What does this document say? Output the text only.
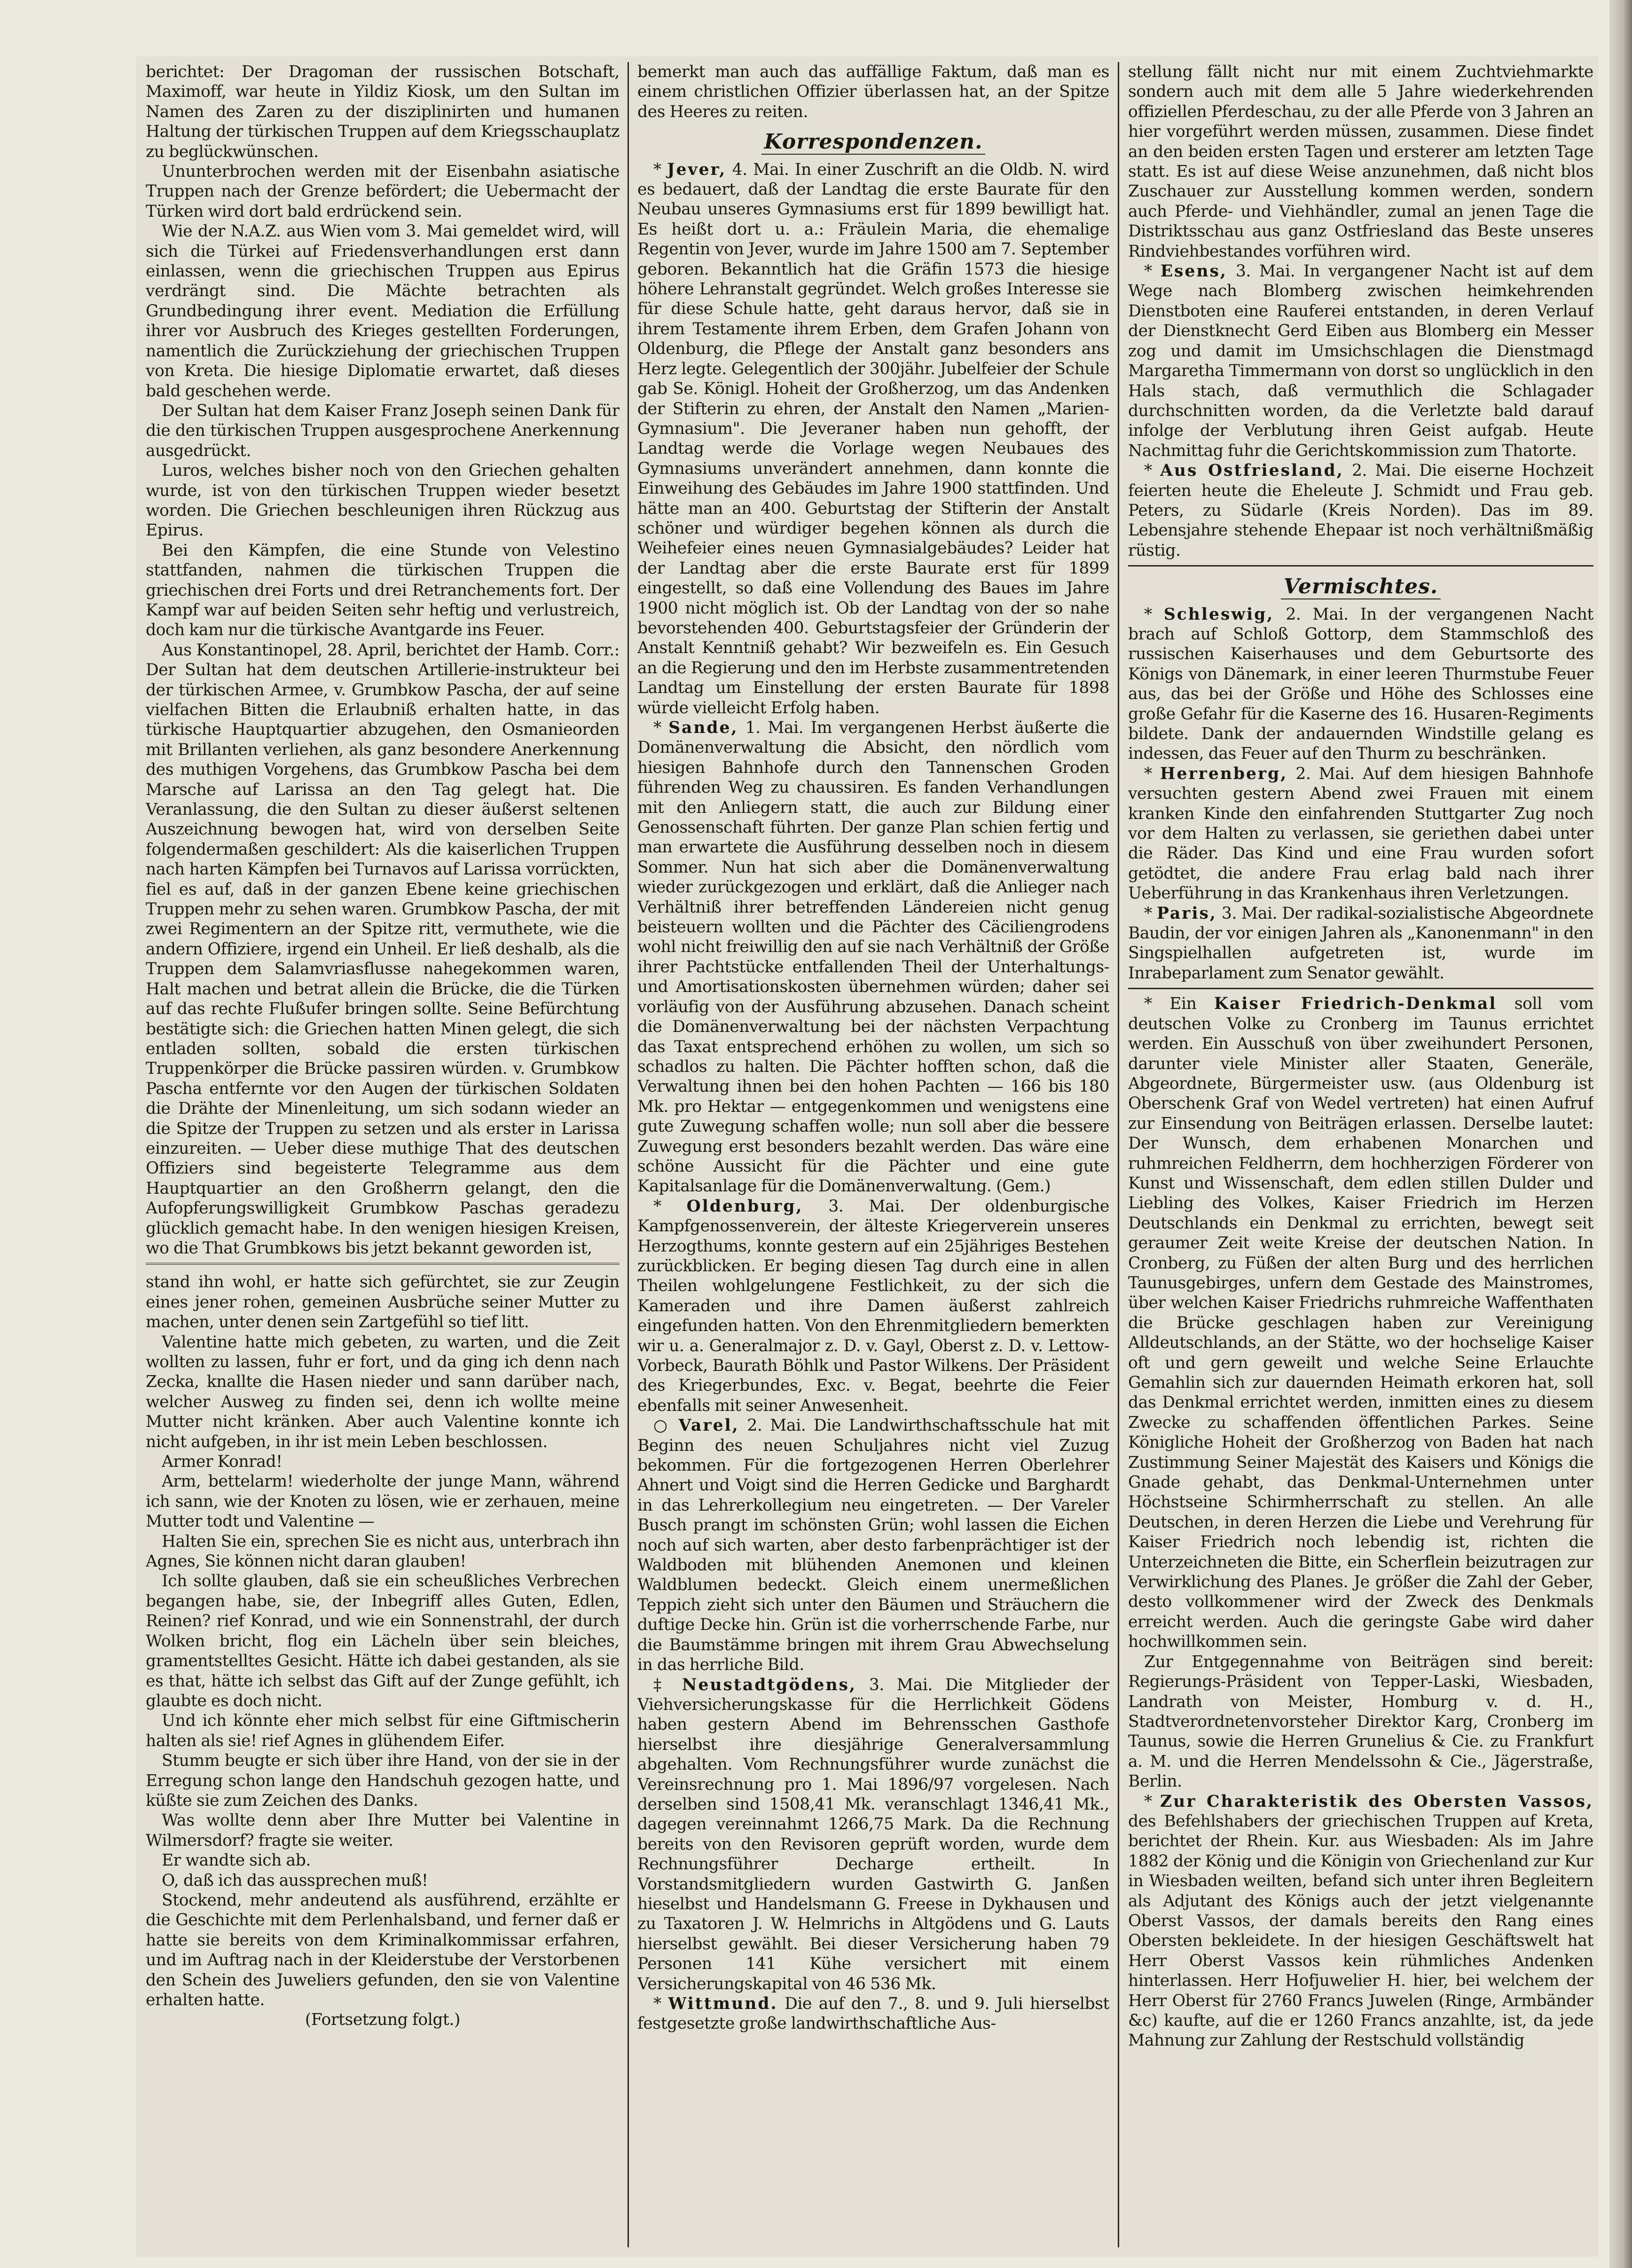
berichtet: Der Dragoman der russischen Botschaft, Maximoff, war heute in Yildiz Kiosk, um den Sultan im Namen des Zaren zu der disziplinirten und humanen Haltung der türkischen Truppen auf dem Kriegsschauplatz zu beglückwünschen.

Ununterbrochen werden mit der Eisenbahn asiatische Truppen nach der Grenze befördert; die Uebermacht der Türken wird dort bald erdrückend sein.

Wie der N.A.Z. aus Wien vom 3. Mai gemeldet wird, will sich die Türkei auf Friedensverhandlungen erst dann einlassen, wenn die griechischen Truppen aus Epirus verdrängt sind. Die Mächte betrachten als Grundbedingung ihrer event. Mediation die Erfüllung ihrer vor Ausbruch des Krieges gestellten Forderungen, namentlich die Zurückziehung der griechischen Truppen von Kreta. Die hiesige Diplomatie erwartet, daß dieses bald geschehen werde.

Der Sultan hat dem Kaiser Franz Joseph seinen Dank für die den türkischen Truppen ausgesprochene Anerkennung ausgedrückt.

Luros, welches bisher noch von den Griechen gehalten wurde, ist von den türkischen Truppen wieder besetzt worden. Die Griechen beschleunigen ihren Rückzug aus Epirus.

Bei den Kämpfen, die eine Stunde von Velestino stattfanden, nahmen die türkischen Truppen die griechischen drei Forts und drei Retranchements fort. Der Kampf war auf beiden Seiten sehr heftig und verlustreich, doch kam nur die türkische Avantgarde ins Feuer.

Aus Konstantinopel, 28. April, berichtet der Hamb. Corr.: Der Sultan hat dem deutschen Artillerie-instrukteur bei der türkischen Armee, v. Grumbkow Pascha, der auf seine vielfachen Bitten die Erlaubniß erhalten hatte, in das türkische Hauptquartier abzugehen, den Osmanieorden mit Brillanten verliehen, als ganz besondere Anerkennung des muthigen Vorgehens, das Grumbkow Pascha bei dem Marsche auf Larissa an den Tag gelegt hat. Die Veranlassung, die den Sultan zu dieser äußerst seltenen Auszeichnung bewogen hat, wird von derselben Seite folgendermaßen geschildert: Als die kaiserlichen Truppen nach harten Kämpfen bei Turnavos auf Larissa vorrückten, fiel es auf, daß in der ganzen Ebene keine griechischen Truppen mehr zu sehen waren. Grumbkow Pascha, der mit zwei Regimentern an der Spitze ritt, vermuthete, wie die andern Offiziere, irgend ein Unheil. Er ließ deshalb, als die Truppen dem Salamvriasflusse nahegekommen waren, Halt machen und betrat allein die Brücke, die die Türken auf das rechte Flußufer bringen sollte. Seine Befürchtung bestätigte sich: die Griechen hatten Minen gelegt, die sich entladen sollten, sobald die ersten türkischen Truppenkörper die Brücke passiren würden. v. Grumbkow Pascha entfernte vor den Augen der türkischen Soldaten die Drähte der Minenleitung, um sich sodann wieder an die Spitze der Truppen zu setzen und als erster in Larissa einzureiten. — Ueber diese muthige That des deutschen Offiziers sind begeisterte Telegramme aus dem Hauptquartier an den Großherrn gelangt, den die Aufopferungswilligkeit Grumbkow Paschas geradezu glücklich gemacht habe. In den wenigen hiesigen Kreisen, wo die That Grumbkows bis jetzt bekannt geworden ist,

stand ihn wohl, er hatte sich gefürchtet, sie zur Zeugin eines jener rohen, gemeinen Ausbrüche seiner Mutter zu machen, unter denen sein Zartgefühl so tief litt.

Valentine hatte mich gebeten, zu warten, und die Zeit wollten zu lassen, fuhr er fort, und da ging ich denn nach Zecka, knallte die Hasen nieder und sann darüber nach, welcher Ausweg zu finden sei, denn ich wollte meine Mutter nicht kränken. Aber auch Valentine konnte ich nicht aufgeben, in ihr ist mein Leben beschlossen.

Armer Konrad!

Arm, bettelarm! wiederholte der junge Mann, während ich sann, wie der Knoten zu lösen, wie er zerhauen, meine Mutter todt und Valentine —

Halten Sie ein, sprechen Sie es nicht aus, unterbrach ihn Agnes, Sie können nicht daran glauben!

Ich sollte glauben, daß sie ein scheußliches Verbrechen begangen habe, sie, der Inbegriff alles Guten, Edlen, Reinen? rief Konrad, und wie ein Sonnenstrahl, der durch Wolken bricht, flog ein Lächeln über sein bleiches, gramentstelltes Gesicht. Hätte ich dabei gestanden, als sie es that, hätte ich selbst das Gift auf der Zunge gefühlt, ich glaubte es doch nicht.

Und ich könnte eher mich selbst für eine Giftmischerin halten als sie! rief Agnes in glühendem Eifer.

Stumm beugte er sich über ihre Hand, von der sie in der Erregung schon lange den Handschuh gezogen hatte, und küßte sie zum Zeichen des Danks.

Was wollte denn aber Ihre Mutter bei Valentine in Wilmersdorf? fragte sie weiter.

Er wandte sich ab.

O, daß ich das aussprechen muß!

Stockend, mehr andeutend als ausführend, erzählte er die Geschichte mit dem Perlenhalsband, und ferner daß er hatte sie bereits von dem Kriminalkommissar erfahren, und im Auftrag nach in der Kleiderstube der Verstorbenen den Schein des Juweliers gefunden, den sie von Valentine erhalten hatte.

(Fortsetzung folgt.)

bemerkt man auch das auffällige Faktum, daß man es einem christlichen Offizier überlassen hat, an der Spitze des Heeres zu reiten.

Korrespondenzen.

* Jever, 4. Mai. In einer Zuschrift an die Oldb. N. wird es bedauert, daß der Landtag die erste Baurate für den Neubau unseres Gymnasiums erst für 1899 bewilligt hat. Es heißt dort u. a.: Fräulein Maria, die ehemalige Regentin von Jever, wurde im Jahre 1500 am 7. September geboren. Bekanntlich hat die Gräfin 1573 die hiesige höhere Lehranstalt gegründet. Welch großes Interesse sie für diese Schule hatte, geht daraus hervor, daß sie in ihrem Testamente ihrem Erben, dem Grafen Johann von Oldenburg, die Pflege der Anstalt ganz besonders ans Herz legte. Gelegentlich der 300jähr. Jubelfeier der Schule gab Se. Königl. Hoheit der Großherzog, um das Andenken der Stifterin zu ehren, der Anstalt den Namen „Marien-Gymnasium". Die Jeveraner haben nun gehofft, der Landtag werde die Vorlage wegen Neubaues des Gymnasiums unverändert annehmen, dann konnte die Einweihung des Gebäudes im Jahre 1900 stattfinden. Und hätte man an 400. Geburtstag der Stifterin der Anstalt schöner und würdiger begehen können als durch die Weihefeier eines neuen Gymnasialgebäudes? Leider hat der Landtag aber die erste Baurate erst für 1899 eingestellt, so daß eine Vollendung des Baues im Jahre 1900 nicht möglich ist. Ob der Landtag von der so nahe bevorstehenden 400. Geburtstagsfeier der Gründerin der Anstalt Kenntniß gehabt? Wir bezweifeln es. Ein Gesuch an die Regierung und den im Herbste zusammentretenden Landtag um Einstellung der ersten Baurate für 1898 würde vielleicht Erfolg haben.

* Sande, 1. Mai. Im vergangenen Herbst äußerte die Domänenverwaltung die Absicht, den nördlich vom hiesigen Bahnhofe durch den Tannenschen Groden führenden Weg zu chaussiren. Es fanden Verhandlungen mit den Anliegern statt, die auch zur Bildung einer Genossenschaft führten. Der ganze Plan schien fertig und man erwartete die Ausführung desselben noch in diesem Sommer. Nun hat sich aber die Domänenverwaltung wieder zurückgezogen und erklärt, daß die Anlieger nach Verhältniß ihrer betreffenden Ländereien nicht genug beisteuern wollten und die Pächter des Cäciliengrodens wohl nicht freiwillig den auf sie nach Verhältniß der Größe ihrer Pachtstücke entfallenden Theil der Unterhaltungs- und Amortisationskosten übernehmen würden; daher sei vorläufig von der Ausführung abzusehen. Danach scheint die Domänenverwaltung bei der nächsten Verpachtung das Taxat entsprechend erhöhen zu wollen, um sich so schadlos zu halten. Die Pächter hofften schon, daß die Verwaltung ihnen bei den hohen Pachten — 166 bis 180 Mk. pro Hektar — entgegenkommen und wenigstens eine gute Zuwegung schaffen wolle; nun soll aber die bessere Zuwegung erst besonders bezahlt werden. Das wäre eine schöne Aussicht für die Pächter und eine gute Kapitalsanlage für die Domänenverwaltung. (Gem.)

* Oldenburg, 3. Mai. Der oldenburgische Kampfgenossenverein, der älteste Kriegerverein unseres Herzogthums, konnte gestern auf ein 25jähriges Bestehen zurückblicken. Er beging diesen Tag durch eine in allen Theilen wohlgelungene Festlichkeit, zu der sich die Kameraden und ihre Damen äußerst zahlreich eingefunden hatten. Von den Ehrenmitgliedern bemerkten wir u. a. Generalmajor z. D. v. Gayl, Oberst z. D. v. Lettow-Vorbeck, Baurath Böhlk und Pastor Wilkens. Der Präsident des Kriegerbundes, Exc. v. Begat, beehrte die Feier ebenfalls mit seiner Anwesenheit.

○ Varel, 2. Mai. Die Landwirthschaftsschule hat mit Beginn des neuen Schuljahres nicht viel Zuzug bekommen. Für die fortgezogenen Herren Oberlehrer Ahnert und Voigt sind die Herren Gedicke und Barghardt in das Lehrerkollegium neu eingetreten. — Der Vareler Busch prangt im schönsten Grün; wohl lassen die Eichen noch auf sich warten, aber desto farbenprächtiger ist der Waldboden mit blühenden Anemonen und kleinen Waldblumen bedeckt. Gleich einem unermeßlichen Teppich zieht sich unter den Bäumen und Sträuchern die duftige Decke hin. Grün ist die vorherrschende Farbe, nur die Baumstämme bringen mit ihrem Grau Abwechselung in das herrliche Bild.

‡ Neustadtgödens, 3. Mai. Die Mitglieder der Viehversicherungskasse für die Herrlichkeit Gödens haben gestern Abend im Behrensschen Gasthofe hierselbst ihre diesjährige Generalversammlung abgehalten. Vom Rechnungsführer wurde zunächst die Vereinsrechnung pro 1. Mai 1896/97 vorgelesen. Nach derselben sind 1508,41 Mk. veranschlagt 1346,41 Mk., dagegen vereinnahmt 1266,75 Mark. Da die Rechnung bereits von den Revisoren geprüft worden, wurde dem Rechnungsführer Decharge ertheilt. In Vorstandsmitgliedern wurden Gastwirth G. Janßen hieselbst und Handelsmann G. Freese in Dykhausen und zu Taxatoren J. W. Helmrichs in Altgödens und G. Lauts hierselbst gewählt. Bei dieser Versicherung haben 79 Personen 141 Kühe versichert mit einem Versicherungskapital von 46 536 Mk.

* Wittmund. Die auf den 7., 8. und 9. Juli hierselbst festgesetzte große landwirthschaftliche Aus-

stellung fällt nicht nur mit einem Zuchtviehmarkte sondern auch mit dem alle 5 Jahre wiederkehrenden offiziellen Pferdeschau, zu der alle Pferde von 3 Jahren an hier vorgeführt werden müssen, zusammen. Diese findet an den beiden ersten Tagen und ersterer am letzten Tage statt. Es ist auf diese Weise anzunehmen, daß nicht blos Zuschauer zur Ausstellung kommen werden, sondern auch Pferde- und Viehhändler, zumal an jenen Tage die Distriktsschau aus ganz Ostfriesland das Beste unseres Rindviehbestandes vorführen wird.

* Esens, 3. Mai. In vergangener Nacht ist auf dem Wege nach Blomberg zwischen heimkehrenden Dienstboten eine Rauferei entstanden, in deren Verlauf der Dienstknecht Gerd Eiben aus Blomberg ein Messer zog und damit im Umsichschlagen die Dienstmagd Margaretha Timmermann von dorst so unglücklich in den Hals stach, daß vermuthlich die Schlagader durchschnitten worden, da die Verletzte bald darauf infolge der Verblutung ihren Geist aufgab. Heute Nachmittag fuhr die Gerichtskommission zum Thatorte.

* Aus Ostfriesland, 2. Mai. Die eiserne Hochzeit feierten heute die Eheleute J. Schmidt und Frau geb. Peters, zu Südarle (Kreis Norden). Das im 89. Lebensjahre stehende Ehepaar ist noch verhältnißmäßig rüstig.

Vermischtes.

* Schleswig, 2. Mai. In der vergangenen Nacht brach auf Schloß Gottorp, dem Stammschloß des russischen Kaiserhauses und dem Geburtsorte des Königs von Dänemark, in einer leeren Thurmstube Feuer aus, das bei der Größe und Höhe des Schlosses eine große Gefahr für die Kaserne des 16. Husaren-Regiments bildete. Dank der andauernden Windstille gelang es indessen, das Feuer auf den Thurm zu beschränken.

* Herrenberg, 2. Mai. Auf dem hiesigen Bahnhofe versuchten gestern Abend zwei Frauen mit einem kranken Kinde den einfahrenden Stuttgarter Zug noch vor dem Halten zu verlassen, sie geriethen dabei unter die Räder. Das Kind und eine Frau wurden sofort getödtet, die andere Frau erlag bald nach ihrer Ueberführung in das Krankenhaus ihren Verletzungen.

* Paris, 3. Mai. Der radikal-sozialistische Abgeordnete Baudin, der vor einigen Jahren als „Kanonenmann" in den Singspielhallen aufgetreten ist, wurde im Inrabeparlament zum Senator gewählt.

* Ein Kaiser Friedrich-Denkmal soll vom deutschen Volke zu Cronberg im Taunus errichtet werden. Ein Ausschuß von über zweihundert Personen, darunter viele Minister aller Staaten, Generäle, Abgeordnete, Bürgermeister usw. (aus Oldenburg ist Oberschenk Graf von Wedel vertreten) hat einen Aufruf zur Einsendung von Beiträgen erlassen. Derselbe lautet: Der Wunsch, dem erhabenen Monarchen und ruhmreichen Feldherrn, dem hochherzigen Förderer von Kunst und Wissenschaft, dem edlen stillen Dulder und Liebling des Volkes, Kaiser Friedrich im Herzen Deutschlands ein Denkmal zu errichten, bewegt seit geraumer Zeit weite Kreise der deutschen Nation. In Cronberg, zu Füßen der alten Burg und des herrlichen Taunusgebirges, unfern dem Gestade des Mainstromes, über welchen Kaiser Friedrichs ruhmreiche Waffenthaten die Brücke geschlagen haben zur Vereinigung Alldeutschlands, an der Stätte, wo der hochselige Kaiser oft und gern geweilt und welche Seine Erlauchte Gemahlin sich zur dauernden Heimath erkoren hat, soll das Denkmal errichtet werden, inmitten eines zu diesem Zwecke zu schaffenden öffentlichen Parkes. Seine Königliche Hoheit der Großherzog von Baden hat nach Zustimmung Seiner Majestät des Kaisers und Königs die Gnade gehabt, das Denkmal-Unternehmen unter Höchstseine Schirmherrschaft zu stellen. An alle Deutschen, in deren Herzen die Liebe und Verehrung für Kaiser Friedrich noch lebendig ist, richten die Unterzeichneten die Bitte, ein Scherflein beizutragen zur Verwirklichung des Planes. Je größer die Zahl der Geber, desto vollkommener wird der Zweck des Denkmals erreicht werden. Auch die geringste Gabe wird daher hochwillkommen sein.

Zur Entgegennahme von Beiträgen sind bereit: Regierungs-Präsident von Tepper-Laski, Wiesbaden, Landrath von Meister, Homburg v. d. H., Stadtverordnetenvorsteher Direktor Karg, Cronberg im Taunus, sowie die Herren Grunelius & Cie. zu Frankfurt a. M. und die Herren Mendelssohn & Cie., Jägerstraße, Berlin.

* Zur Charakteristik des Obersten Vassos, des Befehlshabers der griechischen Truppen auf Kreta, berichtet der Rhein. Kur. aus Wiesbaden: Als im Jahre 1882 der König und die Königin von Griechenland zur Kur in Wiesbaden weilten, befand sich unter ihren Begleitern als Adjutant des Königs auch der jetzt vielgenannte Oberst Vassos, der damals bereits den Rang eines Obersten bekleidete. In der hiesigen Geschäftswelt hat Herr Oberst Vassos kein rühmliches Andenken hinterlassen. Herr Hofjuwelier H. hier, bei welchem der Herr Oberst für 2760 Francs Juwelen (Ringe, Armbänder &c) kaufte, auf die er 1260 Francs anzahlte, ist, da jede Mahnung zur Zahlung der Restschuld vollständig
